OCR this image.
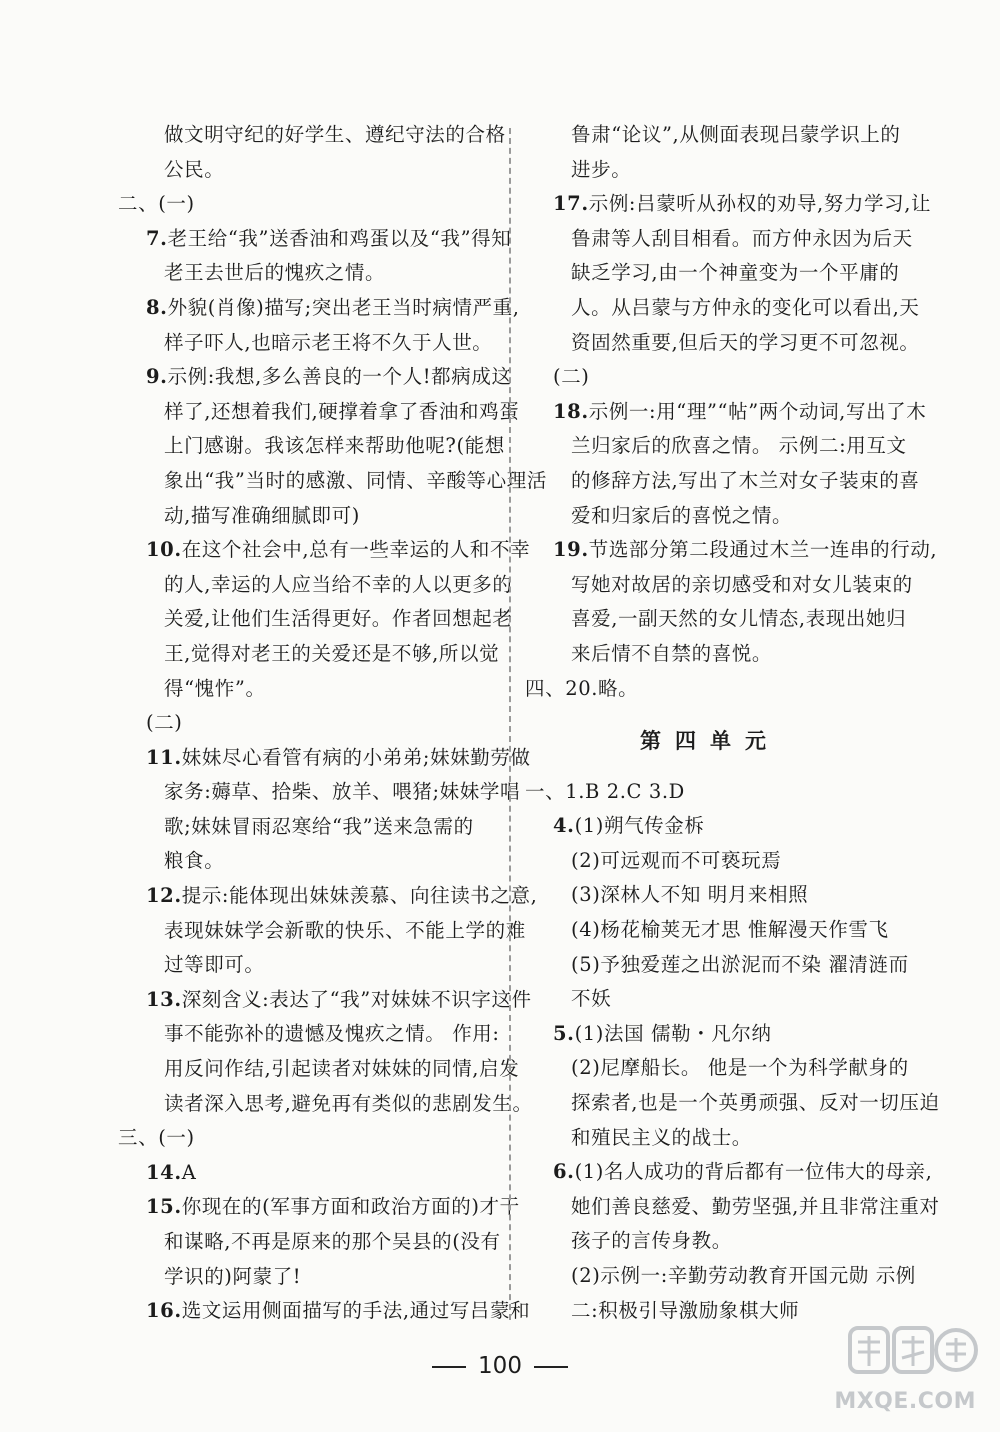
做文明守纪的好学生、遵纪守法的合格
公民。
二、(一)
7.老王给“我”送香油和鸡蛋以及“我”得知
老王去世后的愧疚之情。
8.外貌(肖像)描写;突出老王当时病情严重,
样子吓人,也暗示老王将不久于人世。
9.示例:我想,多么善良的一个人!都病成这
样了,还想着我们,硬撑着拿了香油和鸡蛋
上门感谢。我该怎样来帮助他呢?(能想
象出“我”当时的感激、同情、辛酸等心理活
动,描写准确细腻即可)
10.在这个社会中,总有一些幸运的人和不幸
的人,幸运的人应当给不幸的人以更多的
关爱,让他们生活得更好。作者回想起老
王,觉得对老王的关爱还是不够,所以觉
得“愧怍”。
(二)
11.妹妹尽心看管有病的小弟弟;妹妹勤劳做
家务:薅草、拾柴、放羊、喂猪;妹妹学唱
歌;妹妹冒雨忍寒给“我”送来急需的
粮食。
12.提示:能体现出妹妹羡慕、向往读书之意,
表现妹妹学会新歌的快乐、不能上学的难
过等即可。
13.深刻含义:表达了“我”对妹妹不识字这件
事不能弥补的遗憾及愧疚之情。 作用:
用反问作结,引起读者对妹妹的同情,启发
读者深入思考,避免再有类似的悲剧发生。
三、(一)
14.A
15.你现在的(军事方面和政治方面的)才干
和谋略,不再是原来的那个吴县的(没有
学识的)阿蒙了!
16.选文运用侧面描写的手法,通过写吕蒙和
鲁肃“论议”,从侧面表现吕蒙学识上的
进步。
17.示例:吕蒙听从孙权的劝导,努力学习,让
鲁肃等人刮目相看。而方仲永因为后天
缺乏学习,由一个神童变为一个平庸的
人。从吕蒙与方仲永的变化可以看出,天
资固然重要,但后天的学习更不可忽视。
(二)
18.示例一:用“理”“帖”两个动词,写出了木
兰归家后的欣喜之情。 示例二:用互文
的修辞方法,写出了木兰对女子装束的喜
爱和归家后的喜悦之情。
19.节选部分第二段通过木兰一连串的行动,
写她对故居的亲切感受和对女儿装束的
喜爱,一副天然的女儿情态,表现出她归
来后情不自禁的喜悦。
四、20.略。
第四单元
一、1.B 2.C 3.D
4.(1)朔气传金柝
(2)可远观而不可亵玩焉
(3)深林人不知 明月来相照
(4)杨花榆荚无才思 惟解漫天作雪飞
(5)予独爱莲之出淤泥而不染 濯清涟而
不妖
5.(1)法国 儒勒・凡尔纳
(2)尼摩船长。 他是一个为科学献身的
探索者,也是一个英勇顽强、反对一切压迫
和殖民主义的战士。
6.(1)名人成功的背后都有一位伟大的母亲,
她们善良慈爱、勤劳坚强,并且非常注重对
孩子的言传身教。
(2)示例一:辛勤劳动教育开国元勋 示例
二:积极引导激励象棋大师
100
MXQE.COM
